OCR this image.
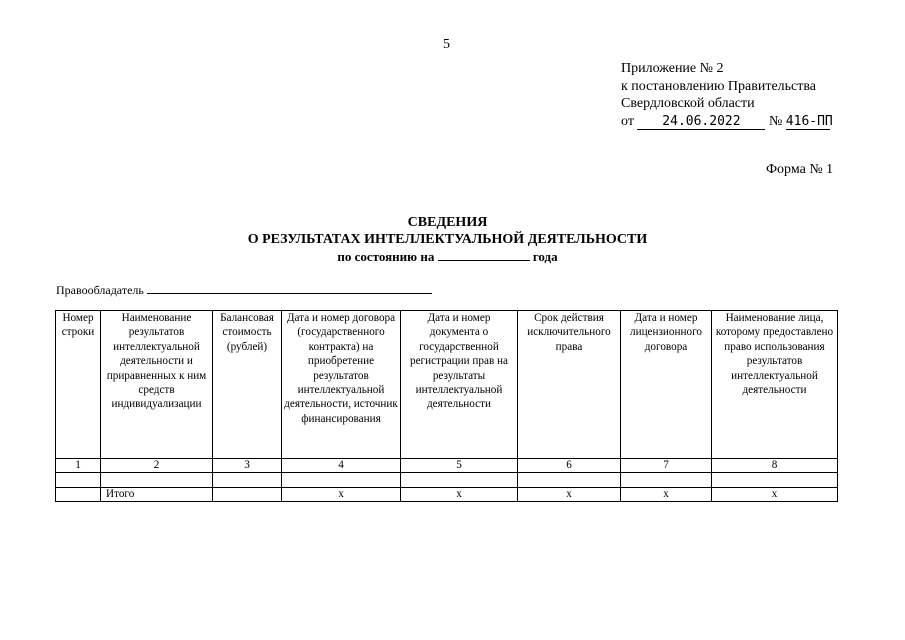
5
Приложение № 2
к постановлению Правительства
Свердловской области
от 24.06.2022 № 416-ПП
Форма № 1
СВЕДЕНИЯ
О РЕЗУЛЬТАТАХ ИНТЕЛЛЕКТУАЛЬНОЙ ДЕЯТЕЛЬНОСТИ
по состоянию на	года
Правообладатель
Номер строки	Наименование результатов интеллектуальной деятельности и приравненных к ним средств индивидуализации	Балансовая стоимость (рублей)	Дата и номер договора (государственного контракта) на приобретение результатов интеллектуальной деятельности, источник финансирования	Дата и номер документа о государственной регистрации прав на результаты интеллектуальной деятельности	Срок действия исключительного права	Дата и номер лицензионного договора	Наименование лица, которому предоставлено право использования результатов интеллектуальной деятельности
1	2	3	4	5	6	7	8

	Итого		x	x	x	x	x
